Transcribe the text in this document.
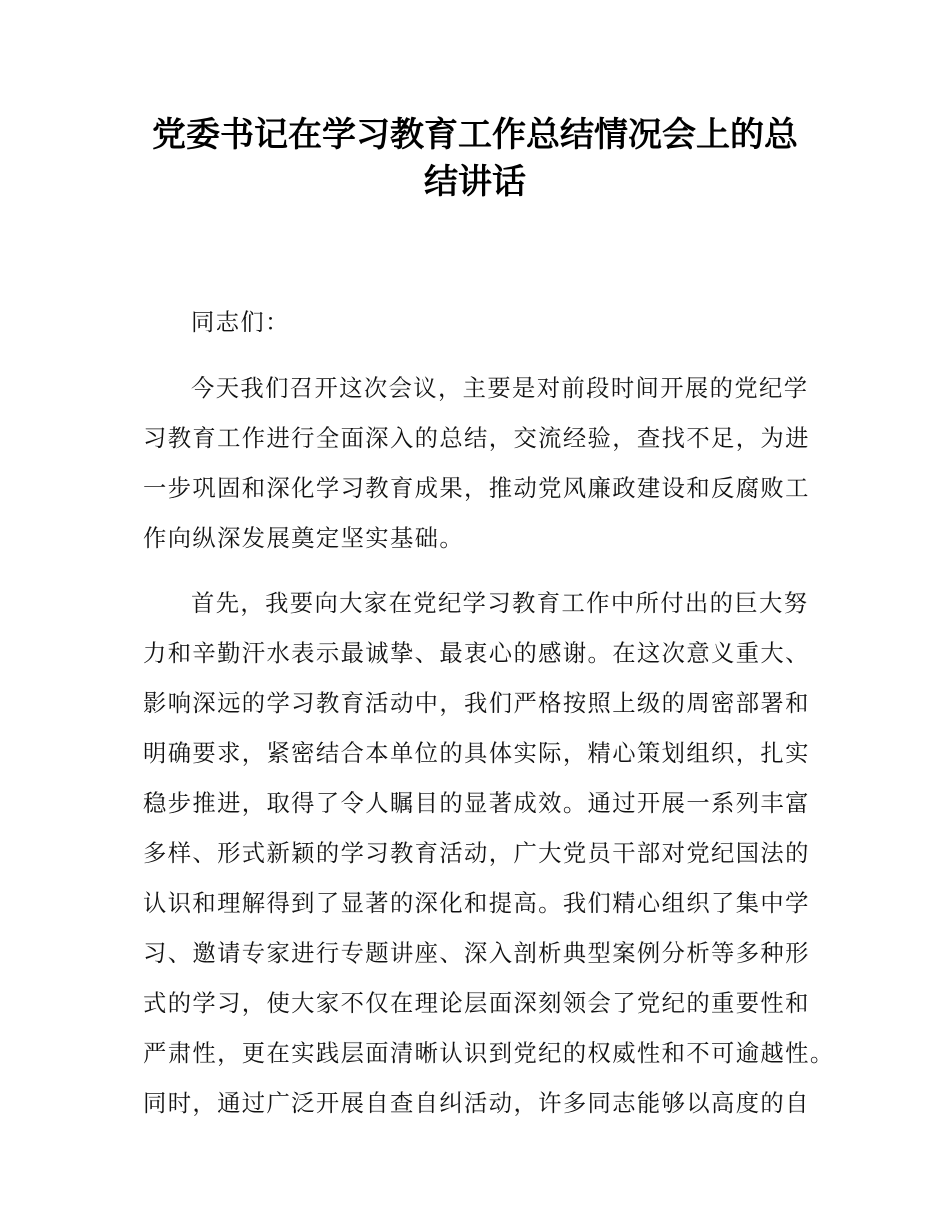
党委书记在学习教育工作总结情况会上的总
结讲话
同志们：
今天我们召开这次会议，主要是对前段时间开展的党纪学
习教育工作进行全面深入的总结，交流经验，查找不足，为进
一步巩固和深化学习教育成果，推动党风廉政建设和反腐败工
作向纵深发展奠定坚实基础。
首先，我要向大家在党纪学习教育工作中所付出的巨大努
力和辛勤汗水表示最诚挚、最衷心的感谢。在这次意义重大、
影响深远的学习教育活动中，我们严格按照上级的周密部署和
明确要求，紧密结合本单位的具体实际，精心策划组织，扎实
稳步推进，取得了令人瞩目的显著成效。通过开展一系列丰富
多样、形式新颖的学习教育活动，广大党员干部对党纪国法的
认识和理解得到了显著的深化和提高。我们精心组织了集中学
习、邀请专家进行专题讲座、深入剖析典型案例分析等多种形
式的学习，使大家不仅在理论层面深刻领会了党纪的重要性和
严肃性，更在实践层面清晰认识到党纪的权威性和不可逾越性。
同时，通过广泛开展自查自纠活动，许多同志能够以高度的自
